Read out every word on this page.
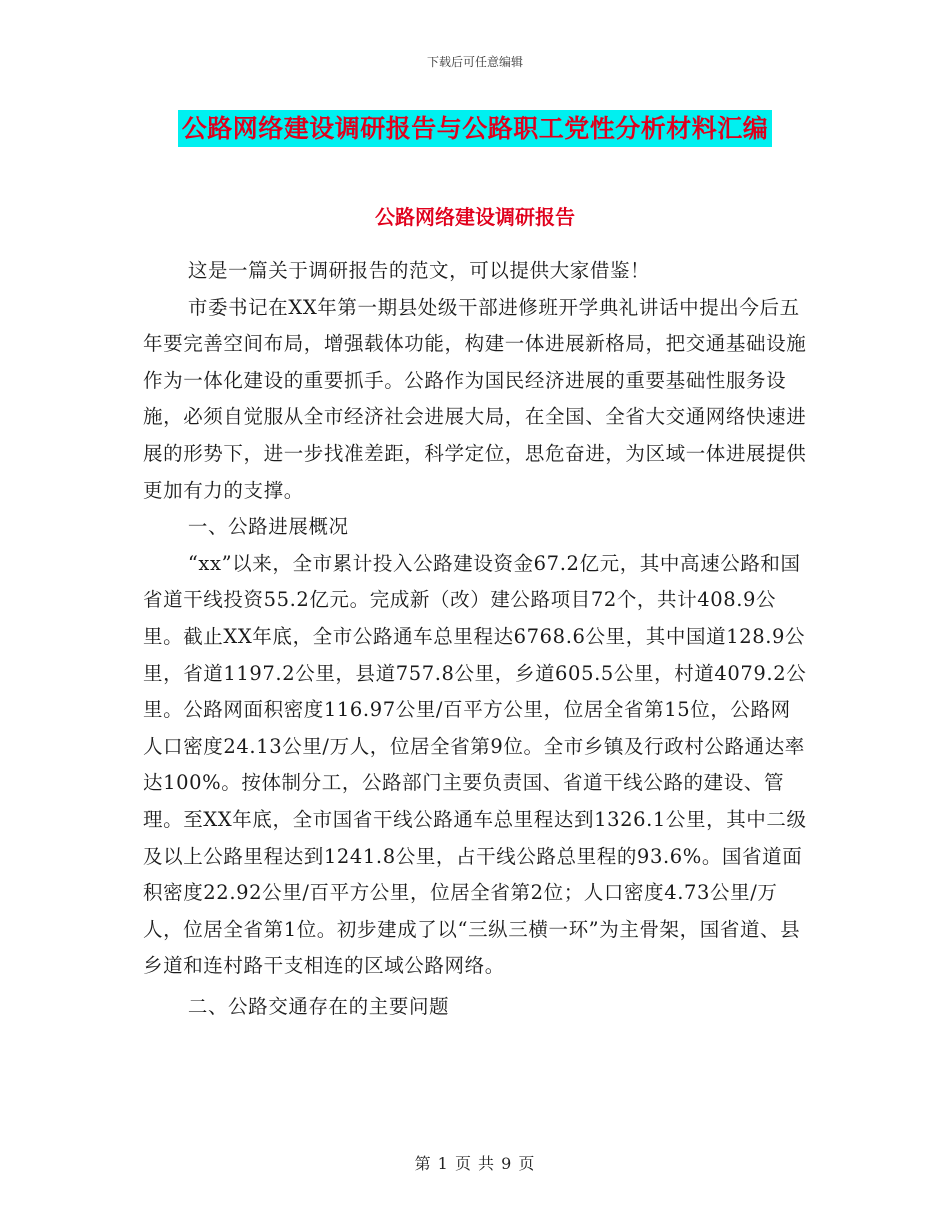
下载后可任意编辑
公路网络建设调研报告与公路职工党性分析材料汇编
公路网络建设调研报告

这是一篇关于调研报告的范文，可以提供大家借鉴！

市委书记在XX年第一期县处级干部进修班开学典礼讲话中提出今后五年要完善空间布局，增强载体功能，构建一体进展新格局，把交通基础设施作为一体化建设的重要抓手。公路作为国民经济进展的重要基础性服务设施，必须自觉服从全市经济社会进展大局，在全国、全省大交通网络快速进展的形势下，进一步找准差距，科学定位，思危奋进，为区域一体进展提供更加有力的支撑。

一、公路进展概况

“xx”以来，全市累计投入公路建设资金67.2亿元，其中高速公路和国省道干线投资55.2亿元。完成新（改）建公路项目72个，共计408.9公里。截止XX年底，全市公路通车总里程达6768.6公里，其中国道128.9公里，省道1197.2公里，县道757.8公里，乡道605.5公里，村道4079.2公里。公路网面积密度116.97公里/百平方公里，位居全省第15位，公路网人口密度24.13公里/万人，位居全省第9位。全市乡镇及行政村公路通达率达100%。按体制分工，公路部门主要负责国、省道干线公路的建设、管理。至XX年底，全市国省干线公路通车总里程达到1326.1公里，其中二级及以上公路里程达到1241.8公里，占干线公路总里程的93.6%。国省道面积密度22.92公里/百平方公里，位居全省第2位；人口密度4.73公里/万人，位居全省第1位。初步建成了以“三纵三横一环”为主骨架，国省道、县乡道和连村路干支相连的区域公路网络。

二、公路交通存在的主要问题

第 1 页 共 9 页
